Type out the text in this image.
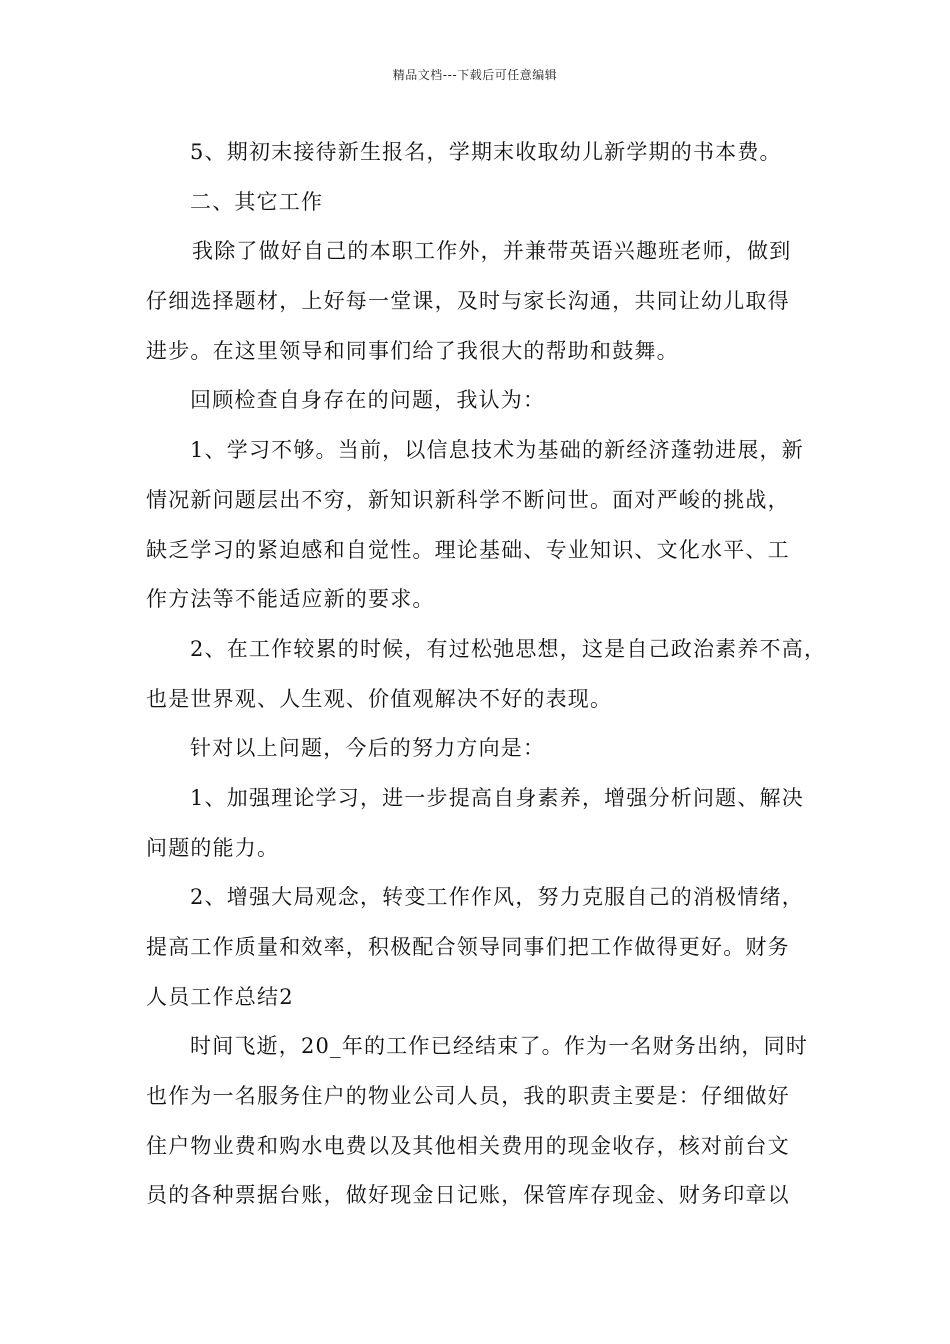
精品文档---下载后可任意编辑
5、期初末接待新生报名，学期末收取幼儿新学期的书本费。
二、其它工作
我除了做好自己的本职工作外，并兼带英语兴趣班老师，做到
仔细选择题材，上好每一堂课，及时与家长沟通，共同让幼儿取得
进步。在这里领导和同事们给了我很大的帮助和鼓舞。
回顾检查自身存在的问题，我认为：
1、学习不够。当前，以信息技术为基础的新经济蓬勃进展，新
情况新问题层出不穷，新知识新科学不断问世。面对严峻的挑战，
缺乏学习的紧迫感和自觉性。理论基础、专业知识、文化水平、工
作方法等不能适应新的要求。
2、在工作较累的时候，有过松弛思想，这是自己政治素养不高，
也是世界观、人生观、价值观解决不好的表现。
针对以上问题，今后的努力方向是：
1、加强理论学习，进一步提高自身素养，增强分析问题、解决
问题的能力。
2、增强大局观念，转变工作作风，努力克服自己的消极情绪，
提高工作质量和效率，积极配合领导同事们把工作做得更好。财务
人员工作总结2
时间飞逝，20_年的工作已经结束了。作为一名财务出纳，同时
也作为一名服务住户的物业公司人员，我的职责主要是：仔细做好
住户物业费和购水电费以及其他相关费用的现金收存，核对前台文
员的各种票据台账，做好现金日记账，保管库存现金、财务印章以
